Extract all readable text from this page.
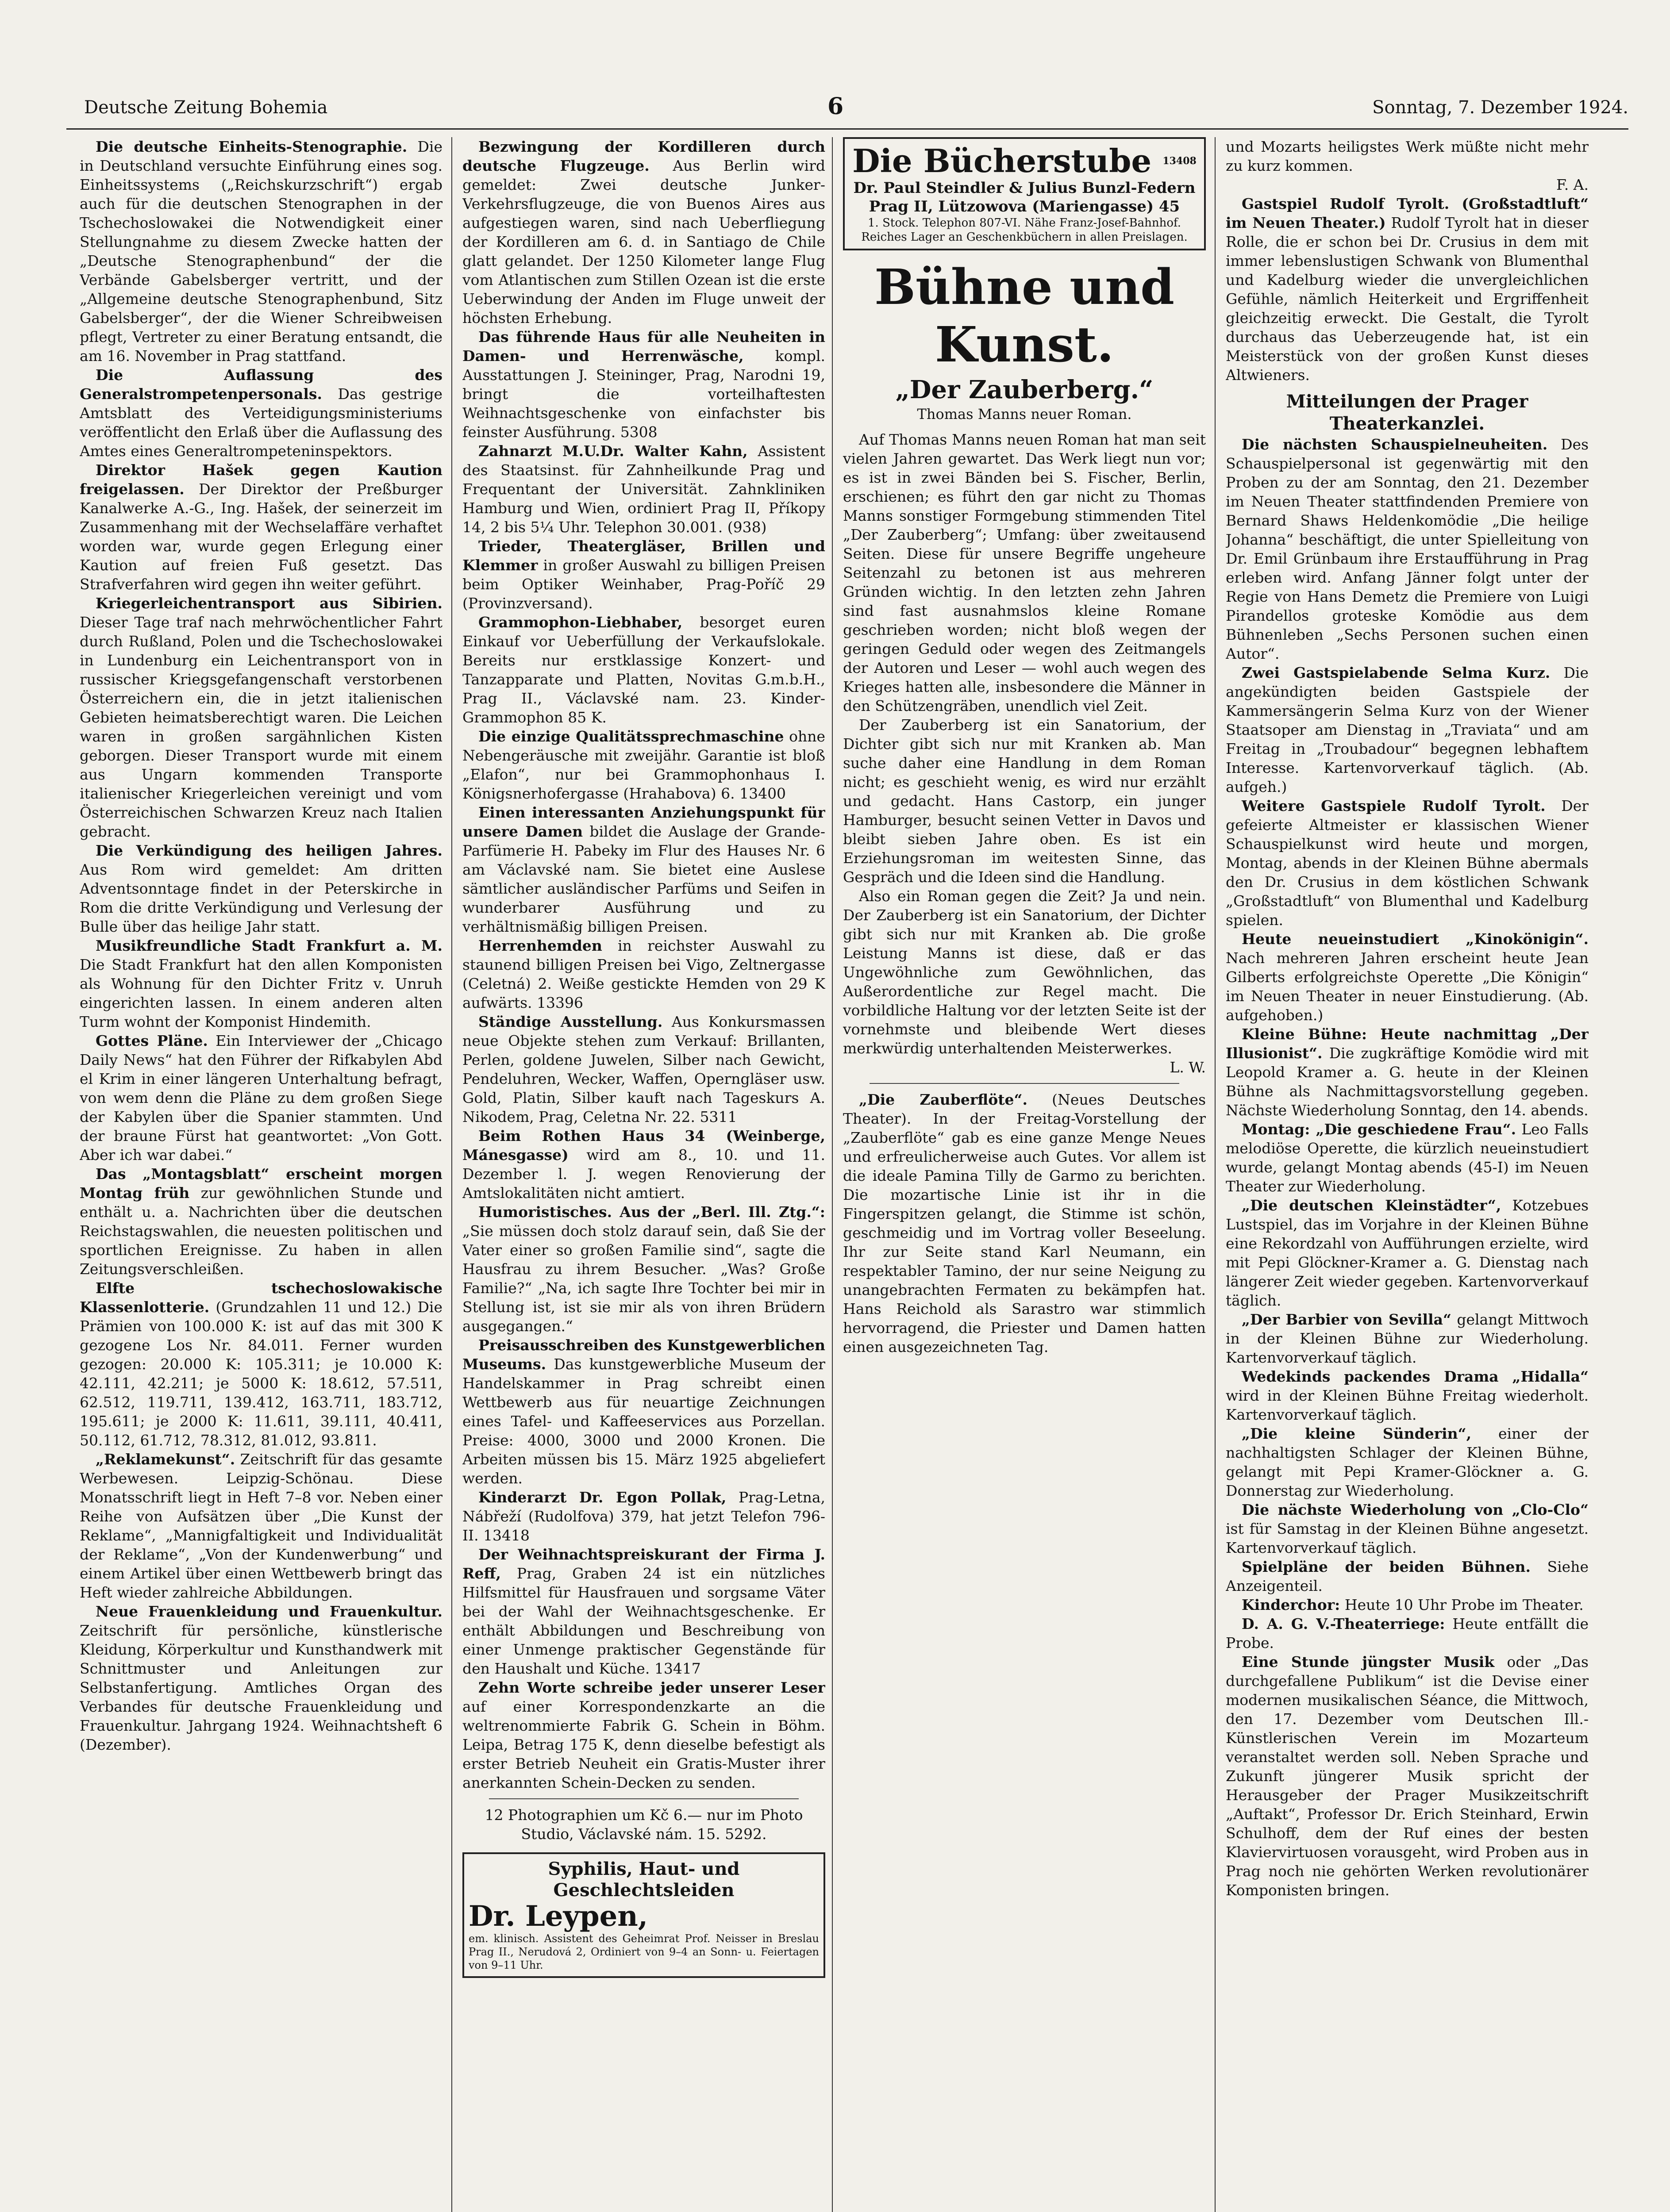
Deutsche Zeitung Bohemia	6	Sonntag, 7. Dezember 1924.

Die deutsche Einheits-Stenographie. Die in Deutschland versuchte Einführung eines sog. Einheitssystems („Reichskurzschrift“) ergab auch für die deutschen Stenographen in der Tschechoslowakei die Notwendigkeit einer Stellungnahme zu diesem Zwecke hatten der „Deutsche Stenographenbund“ der die Verbände Gabelsberger vertritt, und der „Allgemeine deutsche Stenographenbund, Sitz Gabelsberger“, der die Wiener Schreibweisen pflegt, Vertreter zu einer Beratung entsandt, die am 16. November in Prag stattfand.

Die Auflassung des Generalstrompetenpersonals. Das gestrige Amtsblatt des Verteidigungsministeriums veröffentlicht den Erlaß über die Auflassung des Amtes eines Generaltrompeteninspektors.

Direktor Hašek gegen Kaution freigelassen. Der Direktor der Preßburger Kanalwerke A.-G., Ing. Hašek, der seinerzeit im Zusammenhang mit der Wechselaffäre verhaftet worden war, wurde gegen Erlegung einer Kaution auf freien Fuß gesetzt. Das Strafverfahren wird gegen ihn weiter geführt.

Kriegerleichentransport aus Sibirien. Dieser Tage traf nach mehrwöchentlicher Fahrt durch Rußland, Polen und die Tschechoslowakei in Lundenburg ein Leichentransport von in russischer Kriegsgefangenschaft verstorbenen Österreichern ein, die in jetzt italienischen Gebieten heimatsberechtigt waren. Die Leichen waren in großen sargähnlichen Kisten geborgen. Dieser Transport wurde mit einem aus Ungarn kommenden Transporte italienischer Kriegerleichen vereinigt und vom Österreichischen Schwarzen Kreuz nach Italien gebracht.

Die Verkündigung des heiligen Jahres. Aus Rom wird gemeldet: Am dritten Adventsonntage findet in der Peterskirche in Rom die dritte Verkündigung und Verlesung der Bulle über das heilige Jahr statt.

Musikfreundliche Stadt Frankfurt a. M. Die Stadt Frankfurt hat den allen Komponisten als Wohnung für den Dichter Fritz v. Unruh eingerichten lassen. In einem anderen alten Turm wohnt der Komponist Hindemith.

Gottes Pläne. Ein Interviewer der „Chicago Daily News“ hat den Führer der Rifkabylen Abd el Krim in einer längeren Unterhaltung befragt, von wem denn die Pläne zu dem großen Siege der Kabylen über die Spanier stammten. Und der braune Fürst hat geantwortet: „Von Gott. Aber ich war dabei.“

Das „Montagsblatt“ erscheint morgen Montag früh zur gewöhnlichen Stunde und enthält u. a. Nachrichten über die deutschen Reichstagswahlen, die neuesten politischen und sportlichen Ereignisse. Zu haben in allen Zeitungsverschleißen.

Elfte tschechoslowakische Klassenlotterie. (Grundzahlen 11 und 12.) Die Prämien von 100.000 K: ist auf das mit 300 K gezogene Los Nr. 84.011. Ferner wurden gezogen: 20.000 K: 105.311; je 10.000 K: 42.111, 42.211; je 5000 K: 18.612, 57.511, 62.512, 119.711, 139.412, 163.711, 183.712, 195.611; je 2000 K: 11.611, 39.111, 40.411, 50.112, 61.712, 78.312, 81.012, 93.811.

„Reklamekunst“. Zeitschrift für das gesamte Werbewesen. Leipzig-Schönau. Diese Monatsschrift liegt in Heft 7–8 vor. Neben einer Reihe von Aufsätzen über „Die Kunst der Reklame“, „Mannigfaltigkeit und Individualität der Reklame“, „Von der Kundenwerbung“ und einem Artikel über einen Wettbewerb bringt das Heft wieder zahlreiche Abbildungen.

Neue Frauenkleidung und Frauenkultur. Zeitschrift für persönliche, künstlerische Kleidung, Körperkultur und Kunsthandwerk mit Schnittmuster und Anleitungen zur Selbstanfertigung. Amtliches Organ des Verbandes für deutsche Frauenkleidung und Frauenkultur. Jahrgang 1924. Weihnachtsheft 6 (Dezember).

Bezwingung der Kordilleren durch deutsche Flugzeuge. Aus Berlin wird gemeldet: Zwei deutsche Junker-Verkehrsflugzeuge, die von Buenos Aires aus aufgestiegen waren, sind nach Ueberfliegung der Kordilleren am 6. d. in Santiago de Chile glatt gelandet. Der 1250 Kilometer lange Flug vom Atlantischen zum Stillen Ozean ist die erste Ueberwindung der Anden im Fluge unweit der höchsten Erhebung.

Das führende Haus für alle Neuheiten in Damen- und Herrenwäsche, kompl. Ausstattungen J. Steininger, Prag, Narodni 19, bringt die vorteilhaftesten Weihnachtsgeschenke von einfachster bis feinster Ausführung. 5308

Zahnarzt M.U.Dr. Walter Kahn, Assistent des Staatsinst. für Zahnheilkunde Prag und Frequentant der Universität. Zahnkliniken Hamburg und Wien, ordiniert Prag II, Příkopy 14, 2 bis 5¼ Uhr. Telephon 30.001. (938)

Trieder, Theatergläser, Brillen und Klemmer in großer Auswahl zu billigen Preisen beim Optiker Weinhaber, Prag-Poříč 29 (Provinzversand).

Grammophon-Liebhaber, besorget euren Einkauf vor Ueberfüllung der Verkaufslokale. Bereits nur erstklassige Konzert- und Tanzapparate und Platten, Novitas G.m.b.H., Prag II., Václavské nam. 23. Kinder-Grammophon 85 K.

Die einzige Qualitätssprechmaschine ohne Nebengeräusche mit zweijähr. Garantie ist bloß „Elafon“, nur bei Grammophonhaus I. Königsnerhofergasse (Hrahabova) 6. 13400

Einen interessanten Anziehungspunkt für unsere Damen bildet die Auslage der Grande-Parfümerie H. Pabeky im Flur des Hauses Nr. 6 am Václavské nam. Sie bietet eine Auslese sämtlicher ausländischer Parfüms und Seifen in wunderbarer Ausführung und zu verhältnismäßig billigen Preisen.

Herrenhemden in reichster Auswahl zu staunend billigen Preisen bei Vigo, Zeltnergasse (Celetná) 2. Weiße gestickte Hemden von 29 K aufwärts. 13396

Ständige Ausstellung. Aus Konkursmassen neue Objekte stehen zum Verkauf: Brillanten, Perlen, goldene Juwelen, Silber nach Gewicht, Pendeluhren, Wecker, Waffen, Operngläser usw. Gold, Platin, Silber kauft nach Tageskurs A. Nikodem, Prag, Celetna Nr. 22. 5311

Beim Rothen Haus 34 (Weinberge, Mánesgasse) wird am 8., 10. und 11. Dezember l. J. wegen Renovierung der Amtslokalitäten nicht amtiert.

Humoristisches. Aus der „Berl. Ill. Ztg.“: „Sie müssen doch stolz darauf sein, daß Sie der Vater einer so großen Familie sind“, sagte die Hausfrau zu ihrem Besucher. „Was? Große Familie?“ „Na, ich sagte Ihre Tochter bei mir in Stellung ist, ist sie mir als von ihren Brüdern ausgegangen.“

Preisausschreiben des Kunstgewerblichen Museums. Das kunstgewerbliche Museum der Handelskammer in Prag schreibt einen Wettbewerb aus für neuartige Zeichnungen eines Tafel- und Kaffeeservices aus Porzellan. Preise: 4000, 3000 und 2000 Kronen. Die Arbeiten müssen bis 15. März 1925 abgeliefert werden.

Kinderarzt Dr. Egon Pollak, Prag-Letna, Nábřeží (Rudolfova) 379, hat jetzt Telefon 796-II. 13418

Der Weihnachtspreiskurant der Firma J. Reff, Prag, Graben 24 ist ein nützliches Hilfsmittel für Hausfrauen und sorgsame Väter bei der Wahl der Weihnachtsgeschenke. Er enthält Abbildungen und Beschreibung von einer Unmenge praktischer Gegenstände für den Haushalt und Küche. 13417

Zehn Worte schreibe jeder unserer Leser auf einer Korrespondenzkarte an die weltrenommierte Fabrik G. Schein in Böhm. Leipa, Betrag 175 K, denn dieselbe befestigt als erster Betrieb Neuheit ein Gratis-Muster ihrer anerkannten Schein-Decken zu senden.

12 Photographien um Kč 6.— nur im Photo Studio, Václavské nám. 15. 5292.

Syphilis, Haut- und Geschlechtsleiden
Dr. Leypen,
em. klinisch. Assistent des Geheimrat Prof. Neisser in Breslau Prag II., Nerudová 2, Ordiniert von 9–4 an Sonn- u. Feiertagen von 9–11 Uhr.
Die Bücherstube $^{13408}$
Dr. Paul Steindler & Julius Bunzl-Federn
Prag II, Lützowova (Mariengasse) 45
1. Stock. Telephon 807-VI. Nähe Franz-Josef-Bahnhof.
Reiches Lager an Geschenkbüchern in allen Preislagen.
Bühne und Kunst.
„Der Zauberberg.“
Thomas Manns neuer Roman.

Auf Thomas Manns neuen Roman hat man seit vielen Jahren gewartet. Das Werk liegt nun vor; es ist in zwei Bänden bei S. Fischer, Berlin, erschienen; es führt den gar nicht zu Thomas Manns sonstiger Formgebung stimmenden Titel „Der Zauberberg“; Umfang: über zweitausend Seiten. Diese für unsere Begriffe ungeheure Seitenzahl zu betonen ist aus mehreren Gründen wichtig. In den letzten zehn Jahren sind fast ausnahmslos kleine Romane geschrieben worden; nicht bloß wegen der geringen Geduld oder wegen des Zeitmangels der Autoren und Leser — wohl auch wegen des Krieges hatten alle, insbesondere die Männer in den Schützengräben, unendlich viel Zeit.

Der Zauberberg ist ein Sanatorium, der Dichter gibt sich nur mit Kranken ab. Man suche daher eine Handlung in dem Roman nicht; es geschieht wenig, es wird nur erzählt und gedacht. Hans Castorp, ein junger Hamburger, besucht seinen Vetter in Davos und bleibt sieben Jahre oben. Es ist ein Erziehungsroman im weitesten Sinne, das Gespräch und die Ideen sind die Handlung.

Also ein Roman gegen die Zeit? Ja und nein. Der Zauberberg ist ein Sanatorium, der Dichter gibt sich nur mit Kranken ab. Die große Leistung Manns ist diese, daß er das Ungewöhnliche zum Gewöhnlichen, das Außerordentliche zur Regel macht. Die vorbildliche Haltung vor der letzten Seite ist der vornehmste und bleibende Wert dieses merkwürdig unterhaltenden Meisterwerkes.

L. W.

„Die Zauberflöte“. (Neues Deutsches Theater). In der Freitag-Vorstellung der „Zauberflöte“ gab es eine ganze Menge Neues und erfreulicherweise auch Gutes. Vor allem ist die ideale Pamina Tilly de Garmo zu berichten. Die mozartische Linie ist ihr in die Fingerspitzen gelangt, die Stimme ist schön, geschmeidig und im Vortrag voller Beseelung. Ihr zur Seite stand Karl Neumann, ein respektabler Tamino, der nur seine Neigung zu unangebrachten Fermaten zu bekämpfen hat. Hans Reichold als Sarastro war stimmlich hervorragend, die Priester und Damen hatten einen ausgezeichneten Tag.

und Mozarts heiligstes Werk müßte nicht mehr zu kurz kommen.

F. A.

Gastspiel Rudolf Tyrolt. (Großstadtluft“ im Neuen Theater.) Rudolf Tyrolt hat in dieser Rolle, die er schon bei Dr. Crusius in dem mit immer lebenslustigen Schwank von Blumenthal und Kadelburg wieder die unvergleichlichen Gefühle, nämlich Heiterkeit und Ergriffenheit gleichzeitig erweckt. Die Gestalt, die Tyrolt durchaus das Ueberzeugende hat, ist ein Meisterstück von der großen Kunst dieses Altwieners.

Mitteilungen der Prager Theaterkanzlei.

Die nächsten Schauspielneuheiten. Des Schauspielpersonal ist gegenwärtig mit den Proben zu der am Sonntag, den 21. Dezember im Neuen Theater stattfindenden Premiere von Bernard Shaws Heldenkomödie „Die heilige Johanna“ beschäftigt, die unter Spielleitung von Dr. Emil Grünbaum ihre Erstaufführung in Prag erleben wird. Anfang Jänner folgt unter der Regie von Hans Demetz die Premiere von Luigi Pirandellos groteske Komödie aus dem Bühnenleben „Sechs Personen suchen einen Autor“.

Zwei Gastspielabende Selma Kurz. Die angekündigten beiden Gastspiele der Kammersängerin Selma Kurz von der Wiener Staatsoper am Dienstag in „Traviata“ und am Freitag in „Troubadour“ begegnen lebhaftem Interesse. Kartenvorverkauf täglich. (Ab. aufgeh.)

Weitere Gastspiele Rudolf Tyrolt. Der gefeierte Altmeister er klassischen Wiener Schauspielkunst wird heute und morgen, Montag, abends in der Kleinen Bühne abermals den Dr. Crusius in dem köstlichen Schwank „Großstadtluft“ von Blumenthal und Kadelburg spielen.

Heute neueinstudiert „Kinokönigin“. Nach mehreren Jahren erscheint heute Jean Gilberts erfolgreichste Operette „Die Königin“ im Neuen Theater in neuer Einstudierung. (Ab. aufgehoben.)

Kleine Bühne: Heute nachmittag „Der Illusionist“. Die zugkräftige Komödie wird mit Leopold Kramer a. G. heute in der Kleinen Bühne als Nachmittagsvorstellung gegeben. Nächste Wiederholung Sonntag, den 14. abends.

Montag: „Die geschiedene Frau“. Leo Falls melodiöse Operette, die kürzlich neueinstudiert wurde, gelangt Montag abends (45-I) im Neuen Theater zur Wiederholung.

„Die deutschen Kleinstädter“, Kotzebues Lustspiel, das im Vorjahre in der Kleinen Bühne eine Rekordzahl von Aufführungen erzielte, wird mit Pepi Glöckner-Kramer a. G. Dienstag nach längerer Zeit wieder gegeben. Kartenvorverkauf täglich.

„Der Barbier von Sevilla“ gelangt Mittwoch in der Kleinen Bühne zur Wiederholung. Kartenvorverkauf täglich.

Wedekinds packendes Drama „Hidalla“ wird in der Kleinen Bühne Freitag wiederholt. Kartenvorverkauf täglich.

„Die kleine Sünderin“, einer der nachhaltigsten Schlager der Kleinen Bühne, gelangt mit Pepi Kramer-Glöckner a. G. Donnerstag zur Wiederholung.

Die nächste Wiederholung von „Clo-Clo“ ist für Samstag in der Kleinen Bühne angesetzt. Kartenvorverkauf täglich.

Spielpläne der beiden Bühnen. Siehe Anzeigenteil.

Kinderchor: Heute 10 Uhr Probe im Theater.

D. A. G. V.-Theaterriege: Heute entfällt die Probe.

Eine Stunde jüngster Musik oder „Das durchgefallene Publikum“ ist die Devise einer modernen musikalischen Séance, die Mittwoch, den 17. Dezember vom Deutschen Ill.-Künstlerischen Verein im Mozarteum veranstaltet werden soll. Neben Sprache und Zukunft jüngerer Musik spricht der Herausgeber der Prager Musikzeitschrift „Auftakt“, Professor Dr. Erich Steinhard, Erwin Schulhoff, dem der Ruf eines der besten Klaviervirtuosen vorausgeht, wird Proben aus in Prag noch nie gehörten Werken revolutionärer Komponisten bringen.
